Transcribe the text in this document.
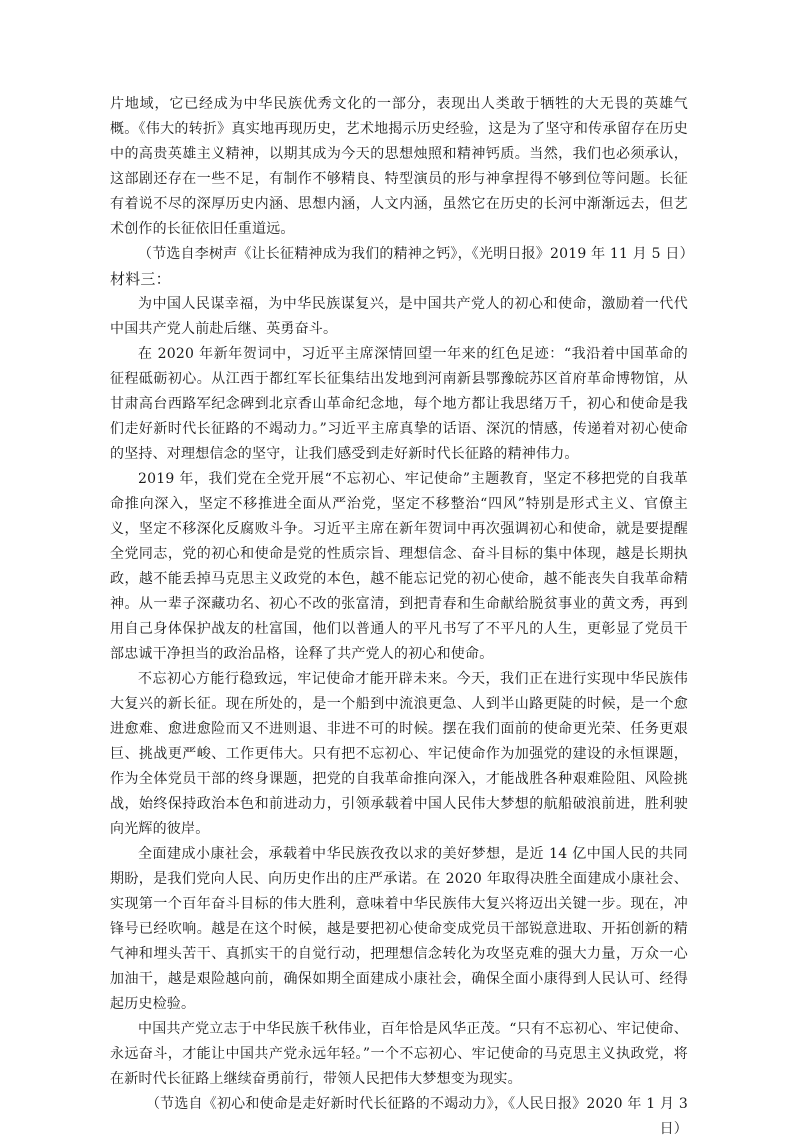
片地域，它已经成为中华民族优秀文化的一部分，表现出人类敢于牺牲的大无畏的英雄气概。《伟大的转折》真实地再现历史，艺术地揭示历史经验，这是为了坚守和传承留存在历史中的高贵英雄主义精神，以期其成为今天的思想烛照和精神钙质。当然，我们也必须承认，这部剧还存在一些不足，有制作不够精良、特型演员的形与神拿捏得不够到位等问题。长征有着说不尽的深厚历史内涵、思想内涵，人文内涵，虽然它在历史的长河中渐渐远去，但艺术创作的长征依旧任重道远。

（节选自李树声《让长征精神成为我们的精神之钙》，《光明日报》2019 年 11 月 5 日）

材料三：

为中国人民谋幸福，为中华民族谋复兴，是中国共产党人的初心和使命，激励着一代代中国共产党人前赴后继、英勇奋斗。

在 2020 年新年贺词中，习近平主席深情回望一年来的红色足迹：“我沿着中国革命的征程砥砺初心。从江西于都红军长征集结出发地到河南新县鄂豫皖苏区首府革命博物馆，从甘肃高台西路军纪念碑到北京香山革命纪念地，每个地方都让我思绪万千，初心和使命是我们走好新时代长征路的不竭动力。”习近平主席真挚的话语、深沉的情感，传递着对初心使命的坚持、对理想信念的坚守，让我们感受到走好新时代长征路的精神伟力。

2019 年，我们党在全党开展“不忘初心、牢记使命”主题教育，坚定不移把党的自我革命推向深入，坚定不移推进全面从严治党，坚定不移整治“四风”特别是形式主义、官僚主义，坚定不移深化反腐败斗争。习近平主席在新年贺词中再次强调初心和使命，就是要提醒全党同志，党的初心和使命是党的性质宗旨、理想信念、奋斗目标的集中体现，越是长期执政，越不能丢掉马克思主义政党的本色，越不能忘记党的初心使命，越不能丧失自我革命精神。从一辈子深藏功名、初心不改的张富清，到把青春和生命献给脱贫事业的黄文秀，再到用自己身体保护战友的杜富国，他们以普通人的平凡书写了不平凡的人生，更彰显了党员干部忠诚干净担当的政治品格，诠释了共产党人的初心和使命。

不忘初心方能行稳致远，牢记使命才能开辟未来。今天，我们正在进行实现中华民族伟大复兴的新长征。现在所处的，是一个船到中流浪更急、人到半山路更陡的时候，是一个愈进愈难、愈进愈险而又不进则退、非进不可的时候。摆在我们面前的使命更光荣、任务更艰巨、挑战更严峻、工作更伟大。只有把不忘初心、牢记使命作为加强党的建设的永恒课题，作为全体党员干部的终身课题，把党的自我革命推向深入，才能战胜各种艰难险阻、风险挑战，始终保持政治本色和前进动力，引领承载着中国人民伟大梦想的航船破浪前进，胜利驶向光辉的彼岸。

全面建成小康社会，承载着中华民族孜孜以求的美好梦想，是近 14 亿中国人民的共同期盼，是我们党向人民、向历史作出的庄严承诺。在 2020 年取得决胜全面建成小康社会、实现第一个百年奋斗目标的伟大胜利，意味着中华民族伟大复兴将迈出关键一步。现在，冲锋号已经吹响。越是在这个时候，越是要把初心使命变成党员干部锐意进取、开拓创新的精气神和埋头苦干、真抓实干的自觉行动，把理想信念转化为攻坚克难的强大力量，万众一心加油干，越是艰险越向前，确保如期全面建成小康社会，确保全面小康得到人民认可、经得起历史检验。

中国共产党立志于中华民族千秋伟业，百年恰是风华正茂。“只有不忘初心、牢记使命、永远奋斗，才能让中国共产党永远年轻。”一个不忘初心、牢记使命的马克思主义执政党，将在新时代长征路上继续奋勇前行，带领人民把伟大梦想变为现实。

（节选自《初心和使命是走好新时代长征路的不竭动力》，《人民日报》2020 年 1 月 3 日）
